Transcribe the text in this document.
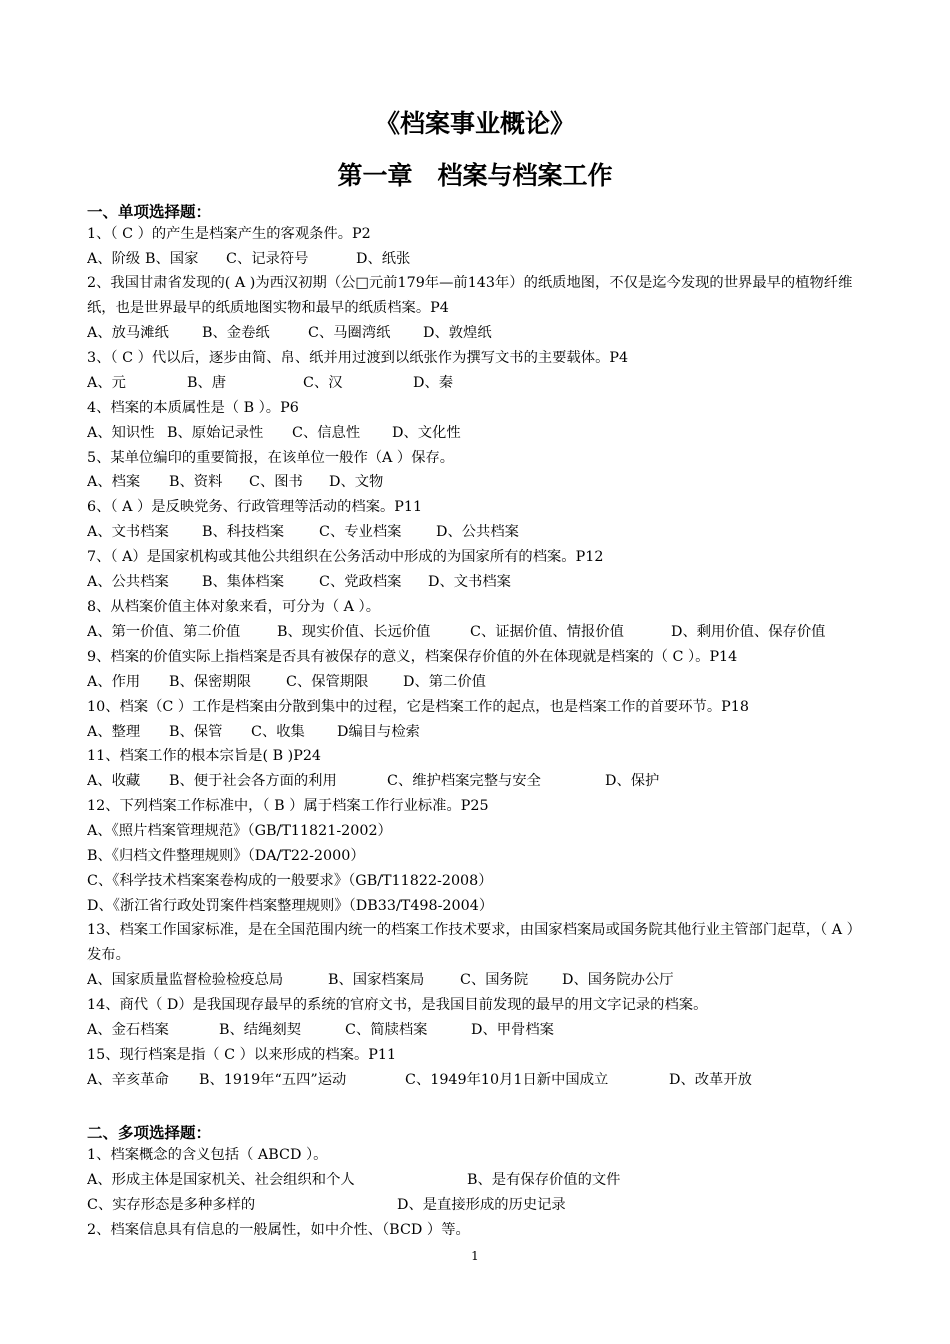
《档案事业概论》
第一章　档案与档案工作
一、单项选择题：
1、（ C ）的产生是档案产生的客观条件。P2
A、阶级 B、国家 C、记录符号	D、纸张
2、我国甘肃省发现的( A )为西汉初期（公□元前179年—前143年）的纸质地图，不仅是迄今发现的世界最早的植物纤维纸，也是世界最早的纸质地图实物和最早的纸质档案。P4
A、放马滩纸 B、金卷纸	C、马圈湾纸 D、敦煌纸
3、（ C ）代以后，逐步由简、帛、纸并用过渡到以纸张作为撰写文书的主要载体。P4
A、元	B、唐	C、汉	D、秦
4、档案的本质属性是（ B ）。P6
A、知识性 B、原始记录性 C、信息性 D、文化性
5、某单位编印的重要简报，在该单位一般作（A ）保存。
A、档案 B、资料 C、图书 D、文物
6、（ A ）是反映党务、行政管理等活动的档案。P11
A、文书档案 B、科技档案 C、专业档案 D、公共档案
7、（ A）是国家机构或其他公共组织在公务活动中形成的为国家所有的档案。P12
A、公共档案 B、集体档案 C、党政档案 D、文书档案
8、从档案价值主体对象来看，可分为（ A ）。
A、第一价值、第二价值	B、现实价值、长远价值	C、证据价值、情报价值	D、剩用价值、保存价值
9、档案的价值实际上指档案是否具有被保存的意义，档案保存价值的外在体现就是档案的（ C ）。P14
A、作用 B、保密期限 C、保管期限 D、第二价值
10、档案（C ）工作是档案由分散到集中的过程，它是档案工作的起点，也是档案工作的首要环节。P18
A、整理 B、保管 C、收集 D编目与检索
11、档案工作的根本宗旨是( B )P24
A、收藏 B、便于社会各方面的利用	C、维护档案完整与安全	D、保护
12、下列档案工作标准中，（ B ）属于档案工作行业标准。P25
A、《照片档案管理规范》（GB/T11821-2002）
B、《归档文件整理规则》（DA/T22-2000）
C、《科学技术档案案卷构成的一般要求》（GB/T11822-2008）
D、《浙江省行政处罚案件档案整理规则》（DB33/T498-2004）
13、档案工作国家标准，是在全国范围内统一的档案工作技术要求，由国家档案局或国务院其他行业主管部门起草，（ A ）发布。
A、国家质量监督检验检疫总局	B、国家档案局 C、国务院 D、国务院办公厅
14、商代（ D）是我国现存最早的系统的官府文书，是我国目前发现的最早的用文字记录的档案。
A、金石档案	B、结绳刻契	C、简牍档案	D、甲骨档案
15、现行档案是指（ C ）以来形成的档案。P11
A、辛亥革命 B、1919年“五四”运动	C、1949年10月1日新中国成立	D、改革开放
二、多项选择题：
1、档案概念的含义包括（ ABCD ）。
A、形成主体是国家机关、社会组织和个人	B、是有保存价值的文件
C、实存形态是多种多样的	D、是直接形成的历史记录
2、档案信息具有信息的一般属性，如中介性、（BCD ）等。
1
